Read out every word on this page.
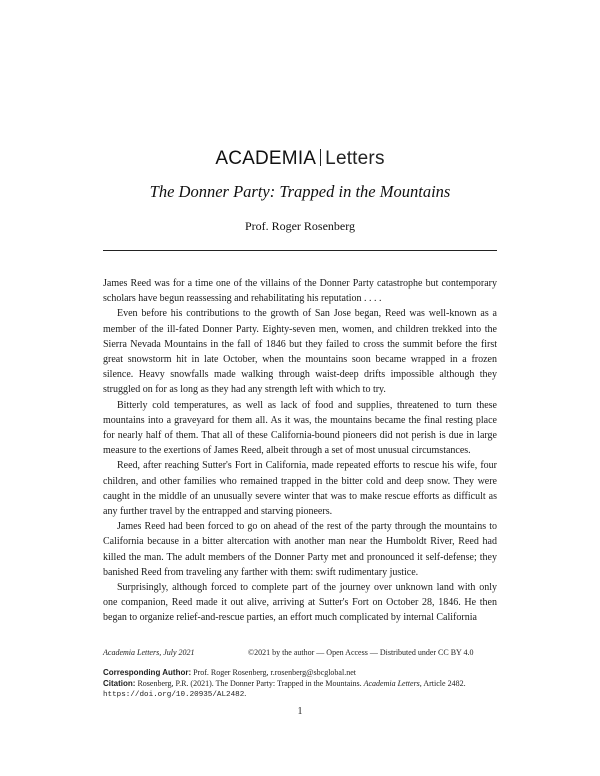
ACADEMIA Letters
The Donner Party: Trapped in the Mountains
Prof. Roger Rosenberg

James Reed was for a time one of the villains of the Donner Party catastrophe but contemporary scholars have begun reassessing and rehabilitating his reputation . . . .

Even before his contributions to the growth of San Jose began, Reed was well-known as a member of the ill-fated Donner Party. Eighty-seven men, women, and children trekked into the Sierra Nevada Mountains in the fall of 1846 but they failed to cross the summit before the first great snowstorm hit in late October, when the mountains soon became wrapped in a frozen silence. Heavy snowfalls made walking through waist-deep drifts impossible although they struggled on for as long as they had any strength left with which to try.

Bitterly cold temperatures, as well as lack of food and supplies, threatened to turn these mountains into a graveyard for them all. As it was, the mountains became the final resting place for nearly half of them. That all of these California-bound pioneers did not perish is due in large measure to the exertions of James Reed, albeit through a set of most unusual circumstances.

Reed, after reaching Sutter's Fort in California, made repeated efforts to rescue his wife, four children, and other families who remained trapped in the bitter cold and deep snow. They were caught in the middle of an unusually severe winter that was to make rescue efforts as difficult as any further travel by the entrapped and starving pioneers.

James Reed had been forced to go on ahead of the rest of the party through the mountains to California because in a bitter altercation with another man near the Humboldt River, Reed had killed the man. The adult members of the Donner Party met and pronounced it self-defense; they banished Reed from traveling any farther with them: swift rudimentary justice.

Surprisingly, although forced to complete part of the journey over unknown land with only one companion, Reed made it out alive, arriving at Sutter's Fort on October 28, 1846. He then began to organize relief-and-rescue parties, an effort much complicated by internal California

Academia Letters, July 2021	©2021 by the author — Open Access — Distributed under CC BY 4.0
Corresponding Author: Prof. Roger Rosenberg, r.rosenberg@sbcglobal.net
Citation: Rosenberg, P.R. (2021). The Donner Party: Trapped in the Mountains. Academia Letters, Article 2482. https://doi.org/10.20935/AL2482.
1
